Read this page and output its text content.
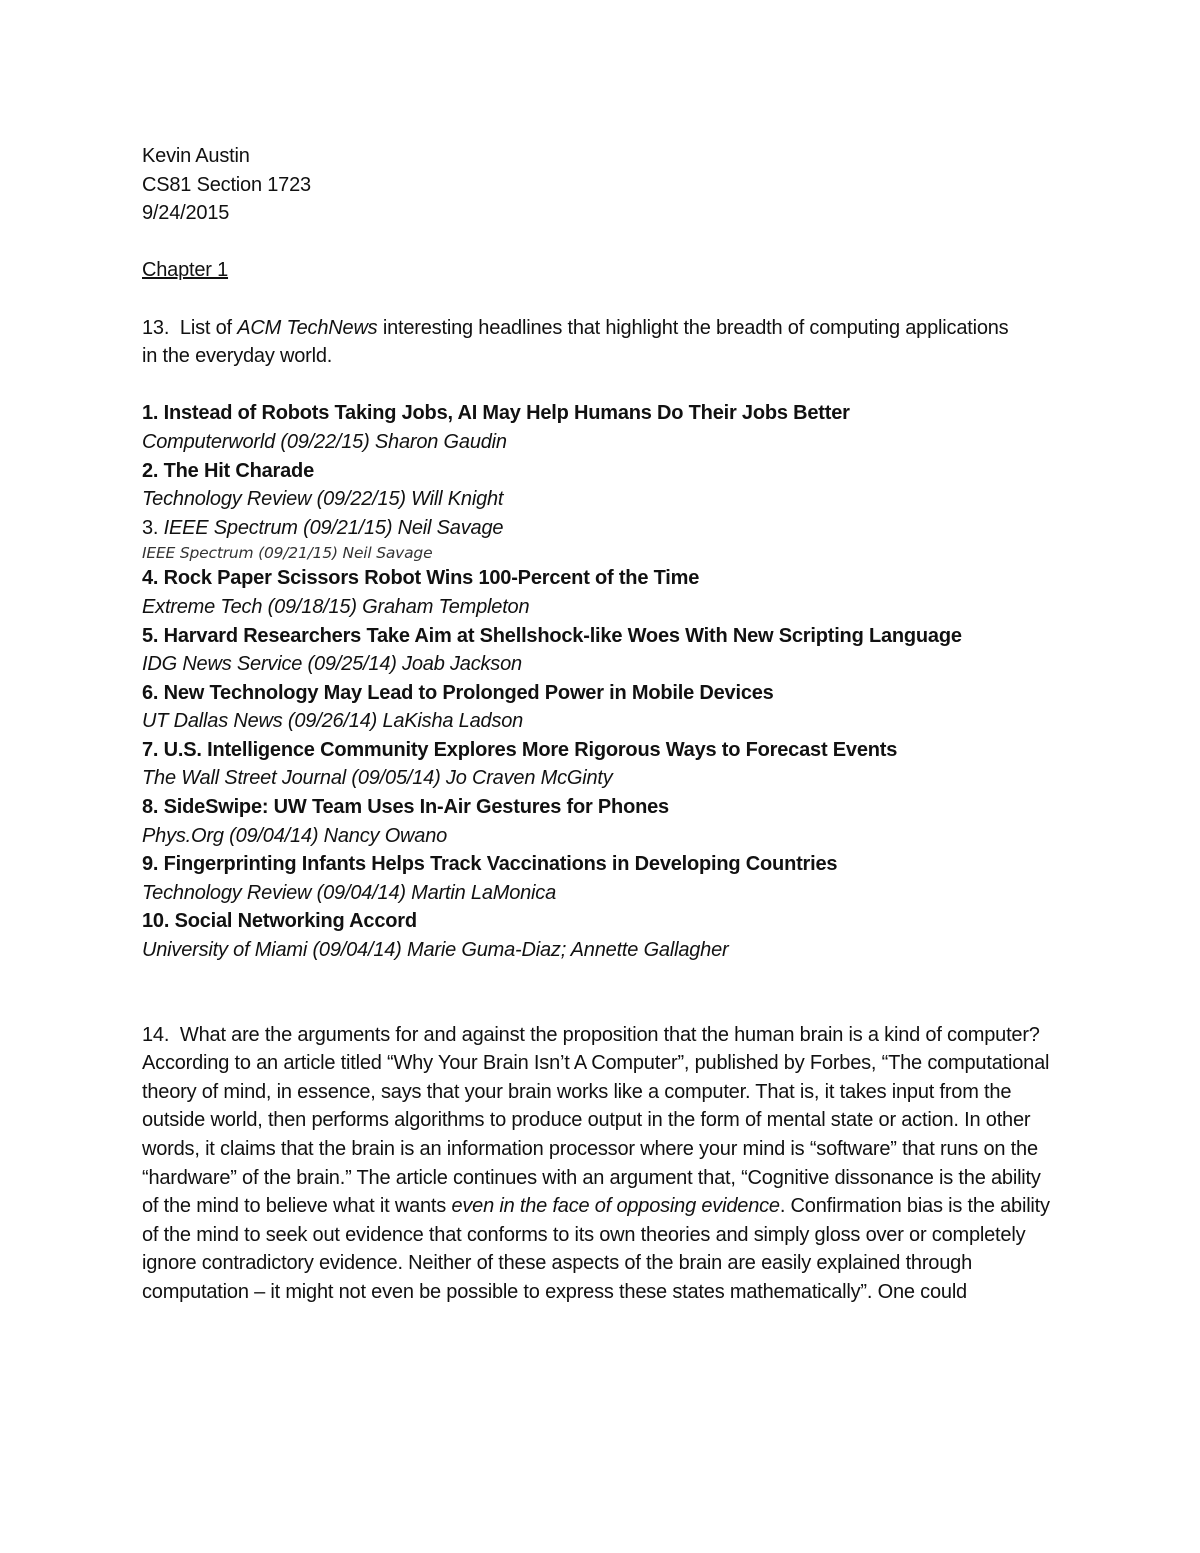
Kevin Austin
CS81 Section 1723
9/24/2015
Chapter 1
13. List of ACM TechNews interesting headlines that highlight the breadth of computing applications in the everyday world.
1. Instead of Robots Taking Jobs, AI May Help Humans Do Their Jobs Better
Computerworld (09/22/15) Sharon Gaudin
2. The Hit Charade
Technology Review (09/22/15) Will Knight
3. IEEE Spectrum (09/21/15) Neil Savage
IEEE Spectrum (09/21/15) Neil Savage
4. Rock Paper Scissors Robot Wins 100-Percent of the Time
Extreme Tech (09/18/15) Graham Templeton
5. Harvard Researchers Take Aim at Shellshock-like Woes With New Scripting Language
IDG News Service (09/25/14) Joab Jackson
6. New Technology May Lead to Prolonged Power in Mobile Devices
UT Dallas News (09/26/14) LaKisha Ladson
7. U.S. Intelligence Community Explores More Rigorous Ways to Forecast Events
The Wall Street Journal (09/05/14) Jo Craven McGinty
8. SideSwipe: UW Team Uses In-Air Gestures for Phones
Phys.Org (09/04/14) Nancy Owano
9. Fingerprinting Infants Helps Track Vaccinations in Developing Countries
Technology Review (09/04/14) Martin LaMonica
10. Social Networking Accord
University of Miami (09/04/14) Marie Guma-Diaz; Annette Gallagher
14. What are the arguments for and against the proposition that the human brain is a kind of computer?
According to an article titled “Why Your Brain Isn’t A Computer”, published by Forbes, “The computational theory of mind, in essence, says that your brain works like a computer. That is, it takes input from the outside world, then performs algorithms to produce output in the form of mental state or action. In other words, it claims that the brain is an information processor where your mind is “software” that runs on the “hardware” of the brain.” The article continues with an argument that, “Cognitive dissonance is the ability of the mind to believe what it wants even in the face of opposing evidence. Confirmation bias is the ability of the mind to seek out evidence that conforms to its own theories and simply gloss over or completely ignore contradictory evidence. Neither of these aspects of the brain are easily explained through computation – it might not even be possible to express these states mathematically”. One could
